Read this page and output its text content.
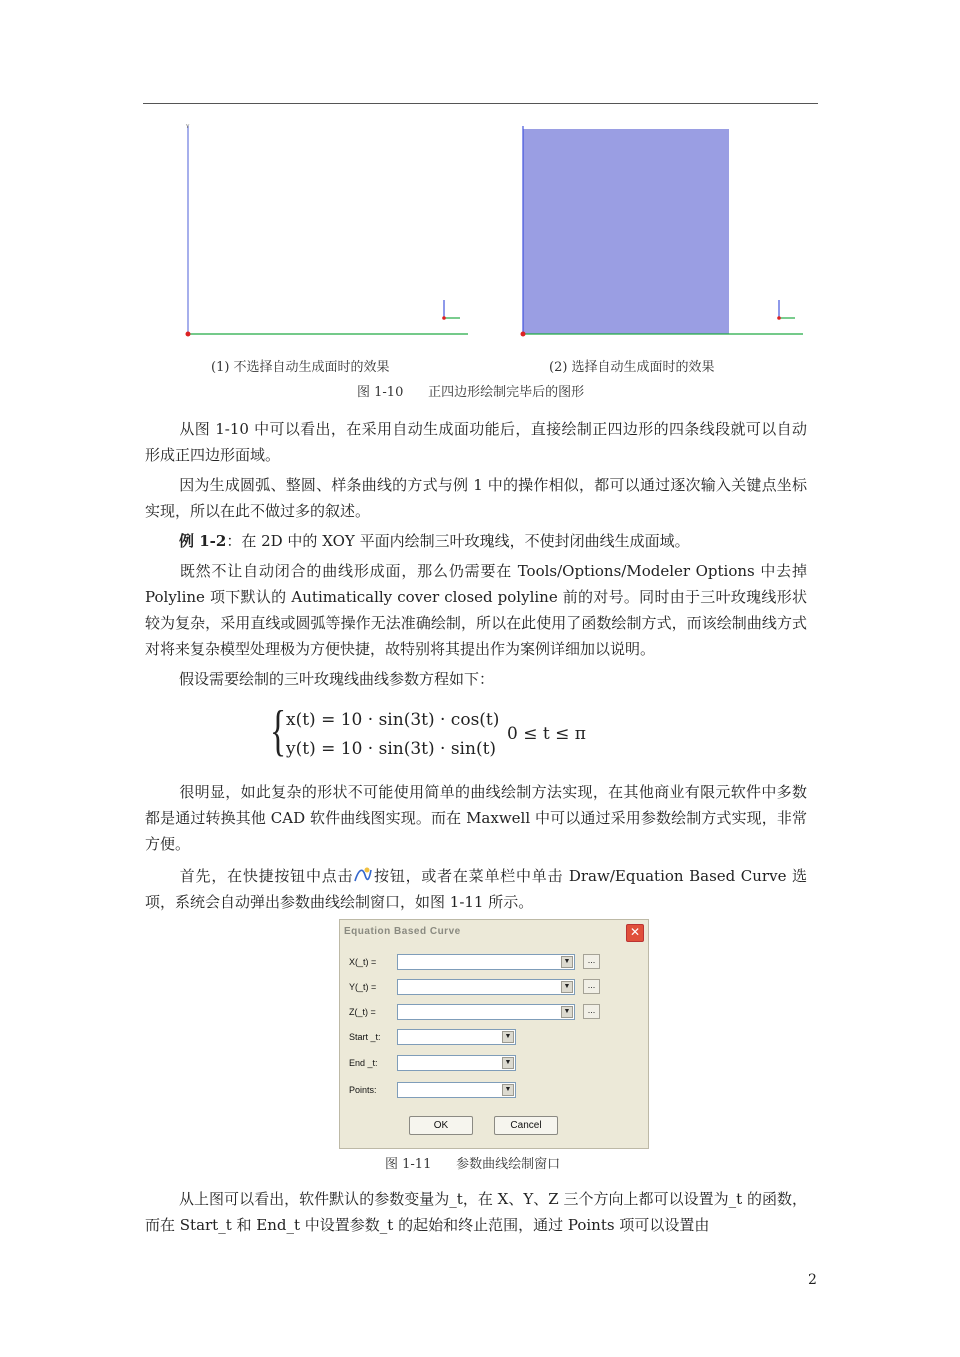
Y
(1) 不选择自动生成面时的效果	(2) 选择自动生成面时的效果
图 1-10      正四边形绘制完毕后的图形
从图 1-10 中可以看出，在采用自动生成面功能后，直接绘制正四边形的四条线段就可以自动形成正四边形面域。
因为生成圆弧、整圆、样条曲线的方式与例 1 中的操作相似，都可以通过逐次输入关键点坐标实现，所以在此不做过多的叙述。
例 1-2：在 2D 中的 XOY 平面内绘制三叶玫瑰线，不使封闭曲线生成面域。
既然不让自动闭合的曲线形成面，那么仍需要在 Tools/Options/Modeler Options 中去掉 Polyline 项下默认的 Autimatically cover closed polyline 前的对号。同时由于三叶玫瑰线形状较为复杂，采用直线或圆弧等操作无法准确绘制，所以在此使用了函数绘制方式，而该绘制曲线方式对将来复杂模型处理极为方便快捷，故特别将其提出作为案例详细加以说明。
假设需要绘制的三叶玫瑰线曲线参数方程如下：
{ x(t) = 10 · sin(3t) · cos(t)
y(t) = 10 · sin(3t) · sin(t)
0 ≤ t ≤ π
很明显，如此复杂的形状不可能使用简单的曲线绘制方法实现，在其他商业有限元软件中多数都是通过转换其他 CAD 软件曲线图实现。而在 Maxwell 中可以通过采用参数绘制方式实现，非常方便。
首先，在快捷按钮中点击 按钮，或者在菜单栏中单击 Draw/Equation Based Curve 选项，系统会自动弹出参数曲线绘制窗口，如图 1-11 所示。
Equation Based Curve	✕
X(_t) =	▼	...
Y(_t) =	▼	...
Z(_t) =	▼	...
Start _t:	▼
End _t:	▼
Points:	▼
OK	Cancel
图 1-11      参数曲线绘制窗口
从上图可以看出，软件默认的参数变量为_t，在 X、Y、Z 三个方向上都可以设置为_t 的函数，而在 Start_t 和 End_t 中设置参数_t 的起始和终止范围，通过 Points 项可以设置由
2
